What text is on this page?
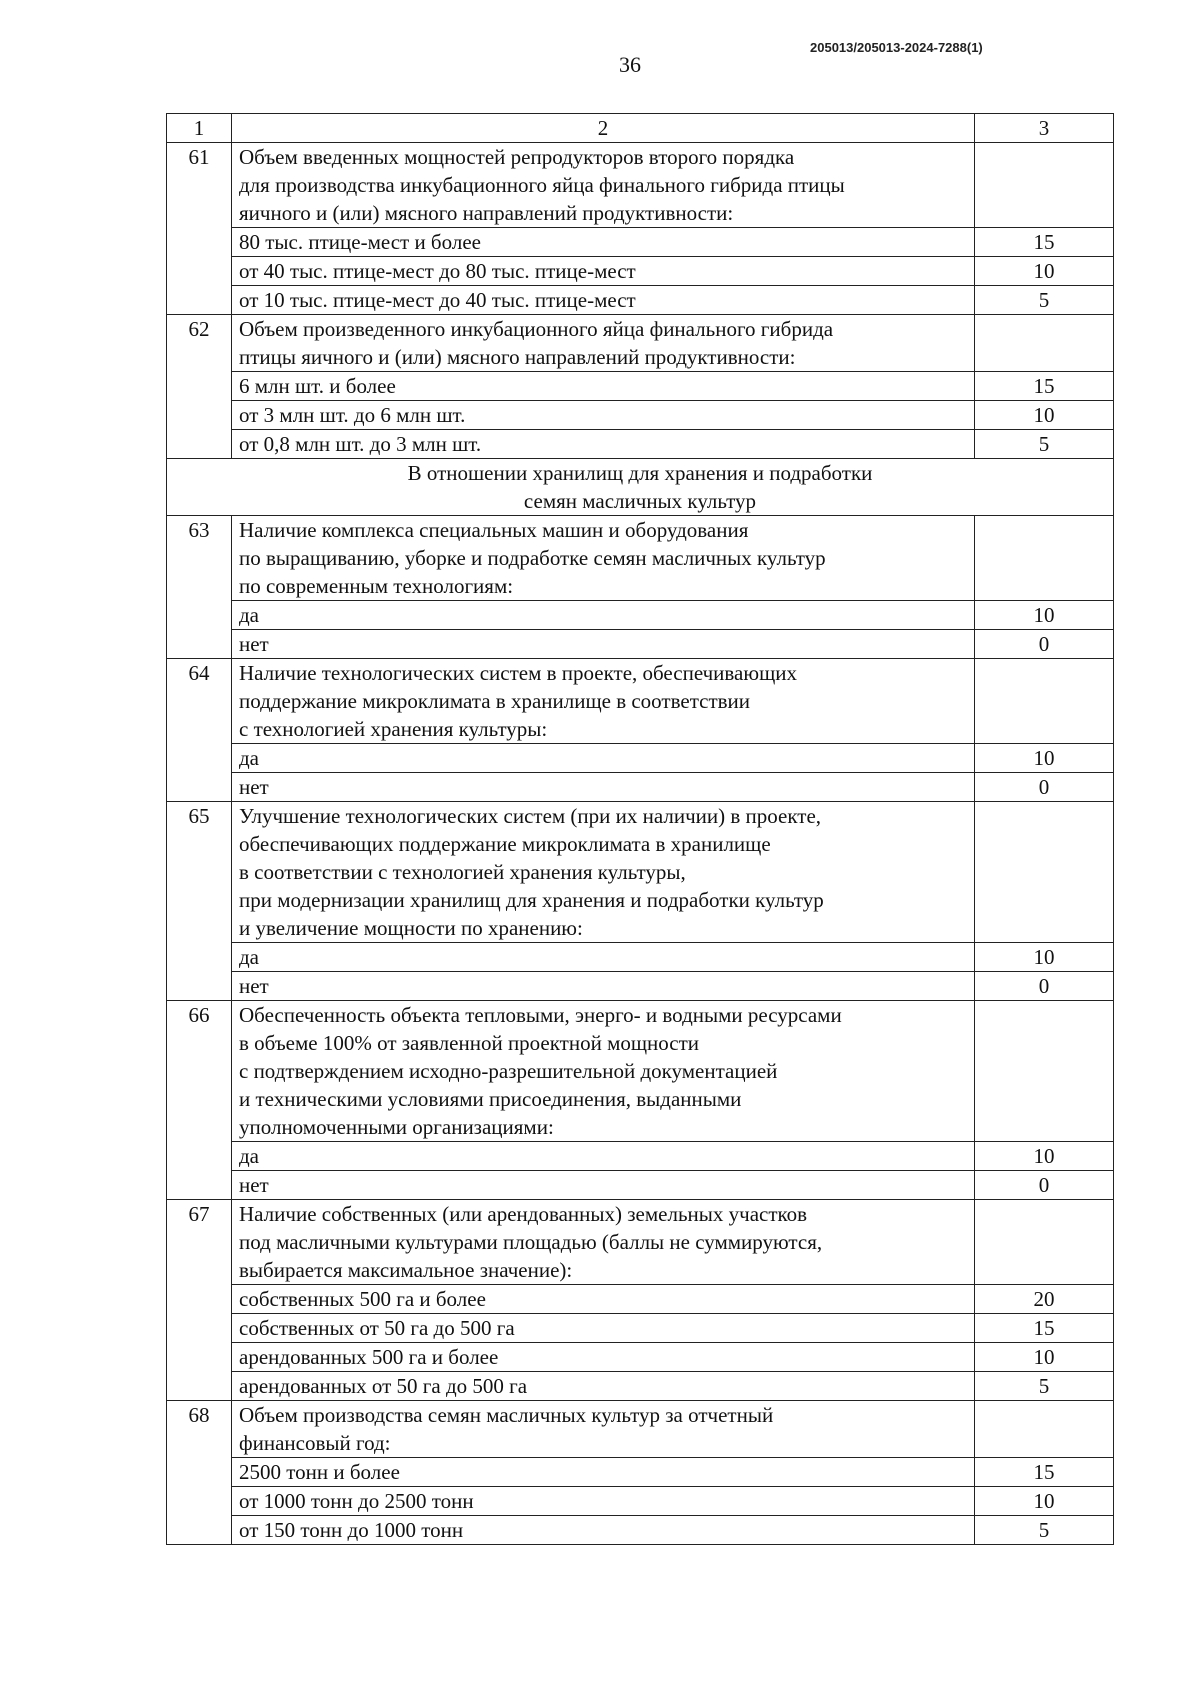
205013/205013-2024-7288(1)
36
1	2	3
61	Объем введенных мощностей репродукторов второго порядка
для производства инкубационного яйца финального гибрида птицы
яичного и (или) мясного направлений продуктивности:	

	80 тыс. птице-мест и более	15
	от 40 тыс. птице-мест до 80 тыс. птице-мест	10
	от 10 тыс. птице-мест до 40 тыс. птице-мест	5
62	Объем произведенного инкубационного яйца финального гибрида
птицы яичного и (или) мясного направлений продуктивности:	

	6 млн шт. и более	15
	от 3 млн шт. до 6 млн шт.	10
	от 0,8 млн шт. до 3 млн шт.	5

В отношении хранилищ для хранения и подработки
семян масличных культур		

63	Наличие комплекса специальных машин и оборудования
по выращиванию, уборке и подработке семян масличных культур
по современным технологиям:	

	да	10
	нет	0
64	Наличие технологических систем в проекте, обеспечивающих
поддержание микроклимата в хранилище в соответствии
с технологией хранения культуры:	

	да	10
	нет	0
65	Улучшение технологических систем (при их наличии) в проекте,
обеспечивающих поддержание микроклимата в хранилище
в соответствии с технологией хранения культуры,
при модернизации хранилищ для хранения и подработки культур
и увеличение мощности по хранению:	

	да	10
	нет	0
66	Обеспеченность объекта тепловыми, энерго- и водными ресурсами
в объеме 100% от заявленной проектной мощности
с подтверждением исходно-разрешительной документацией
и техническими условиями присоединения, выданными
уполномоченными организациями:	

	да	10
	нет	0
67	Наличие собственных (или арендованных) земельных участков
под масличными культурами площадью (баллы не суммируются,
выбирается максимальное значение):	

	собственных 500 га и более	20
	собственных от 50 га до 500 га	15
	арендованных 500 га и более	10
	арендованных от 50 га до 500 га	5
68	Объем производства семян масличных культур за отчетный
финансовый год:	

	2500 тонн и более	15
	от 1000 тонн до 2500 тонн	10
	от 150 тонн до 1000 тонн	5
